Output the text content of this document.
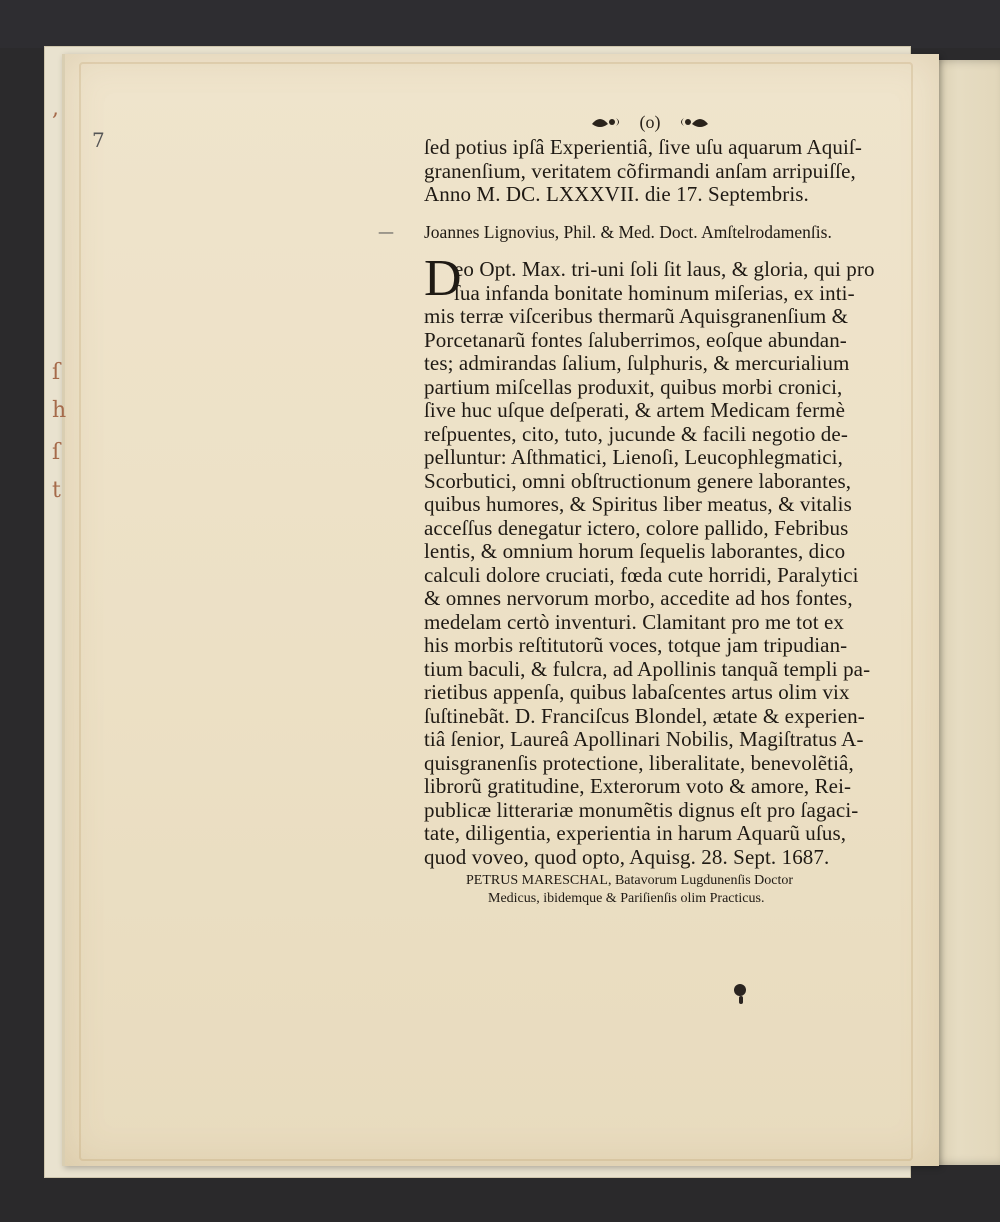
,
ſ
h
ſ
t
7
—
(o)
ſed potius ipſâ Experientiâ, ſive uſu aquarum Aquiſ-
granenſium, veritatem cõfirmandi anſam arripuiſſe,
Anno M. DC. LXXXVII. die 17. Septembris.
Joannes Lignovius, Phil. & Med. Doct. Amſtelrodamenſis.
D
eo Opt. Max. tri-uni ſoli ſit laus, & gloria, qui pro
ſua infanda bonitate hominum miſerias, ex inti-
mis terræ viſceribus thermarũ Aquisgranenſium &
Porcetanarũ fontes ſaluberrimos, eoſque abundan-
tes; admirandas ſalium, ſulphuris, & mercurialium
partium miſcellas produxit, quibus morbi cronici,
ſive huc uſque deſperati, & artem Medicam fermè
reſpuentes, cito, tuto, jucunde & facili negotio de-
pelluntur: Aſthmatici, Lienoſi, Leucophlegmatici,
Scorbutici, omni obſtructionum genere laborantes,
quibus humores, & Spiritus liber meatus, & vitalis
acceſſus denegatur ictero, colore pallido, Febribus
lentis, & omnium horum ſequelis laborantes, dico
calculi dolore cruciati, fœda cute horridi, Paralytici
& omnes nervorum morbo, accedite ad hos fontes,
medelam certò inventuri. Clamitant pro me tot ex
his morbis reſtitutorũ voces, totque jam tripudian-
tium baculi, & fulcra, ad Apollinis tanquã templi pa-
rietibus appenſa, quibus labaſcentes artus olim vix
ſuſtinebãt. D. Franciſcus Blondel, ætate & experien-
tiâ ſenior, Laureâ Apollinari Nobilis, Magiſtratus A-
quisgranenſis protectione, liberalitate, benevolẽtiâ,
librorũ gratitudine, Exterorum voto & amore, Rei-
publicæ litterariæ monumẽtis dignus eſt pro ſagaci-
tate, diligentia, experientia in harum Aquarũ uſus,
quod voveo, quod opto, Aquisg. 28. Sept. 1687.
PETRUS MARESCHAL, Batavorum Lugdunenſis Doctor
Medicus, ibidemque & Pariſienſis olim Practicus.
